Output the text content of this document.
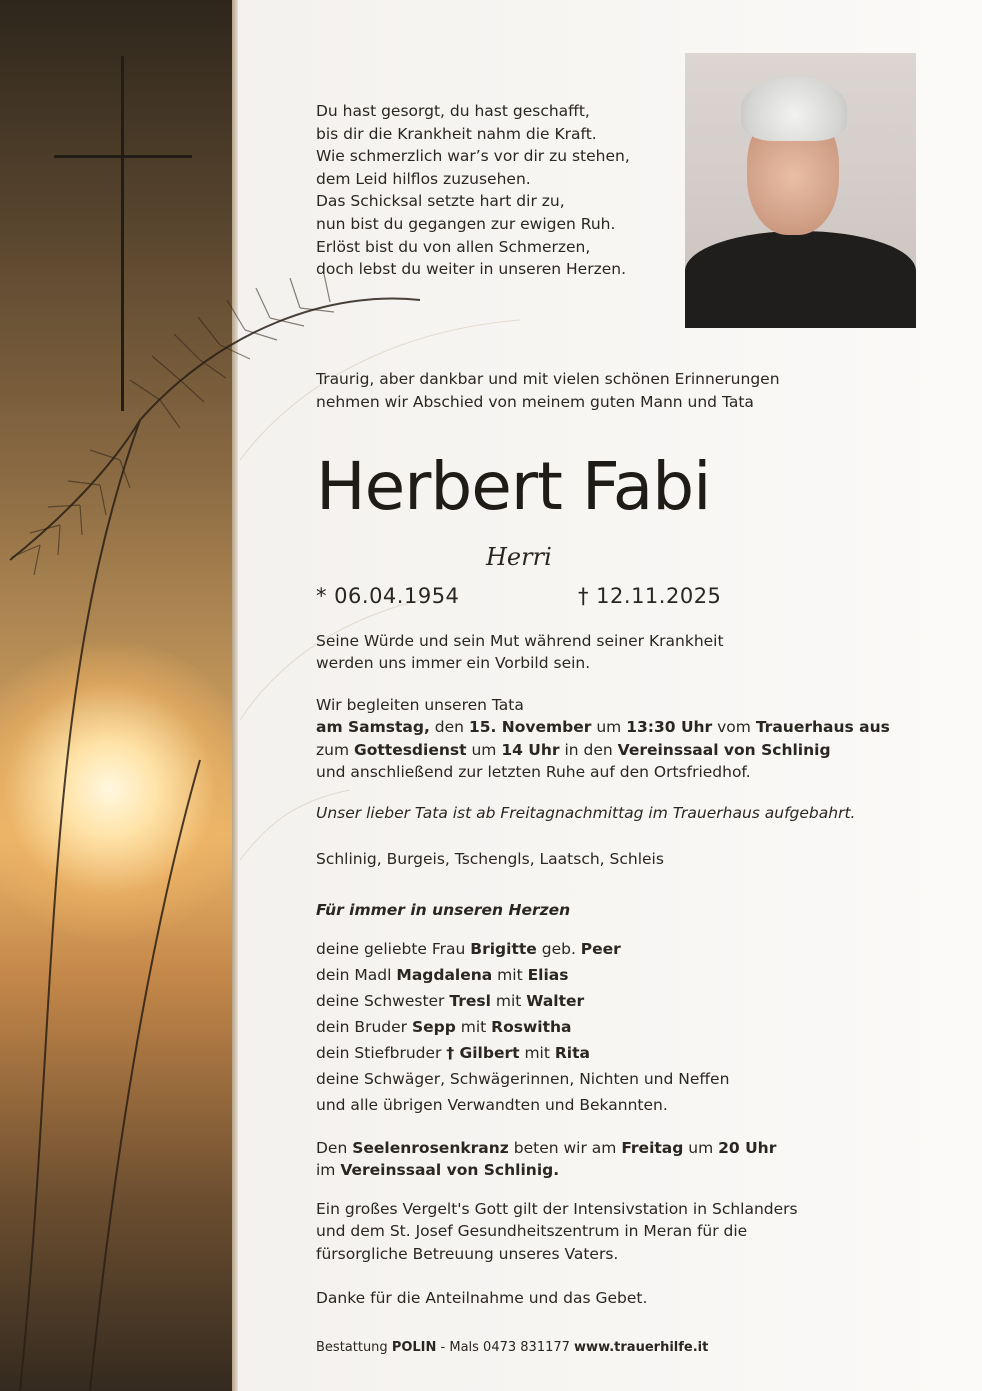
Du hast gesorgt, du hast geschafft,
bis dir die Krankheit nahm die Kraft.
Wie schmerzlich war’s vor dir zu stehen,
dem Leid hilflos zuzusehen.
Das Schicksal setzte hart dir zu,
nun bist du gegangen zur ewigen Ruh.
Erlöst bist du von allen Schmerzen,
doch lebst du weiter in unseren Herzen.
Traurig, aber dankbar und mit vielen schönen Erinnerungen
nehmen wir Abschied von meinem guten Mann und Tata
Herbert Fabi
Herri
* 06.04.1954	† 12.11.2025
Seine Würde und sein Mut während seiner Krankheit
werden uns immer ein Vorbild sein.
Wir begleiten unseren Tata
am Samstag, den 15. November um 13:30 Uhr vom Trauerhaus aus
zum Gottesdienst um 14 Uhr in den Vereinssaal von Schlinig
und anschließend zur letzten Ruhe auf den Ortsfriedhof.
Unser lieber Tata ist ab Freitagnachmittag im Trauerhaus aufgebahrt.
Schlinig, Burgeis, Tschengls, Laatsch, Schleis
Für immer in unseren Herzen
deine geliebte Frau Brigitte geb. Peer
dein Madl Magdalena mit Elias
deine Schwester Tresl mit Walter
dein Bruder Sepp mit Roswitha
dein Stiefbruder † Gilbert mit Rita
deine Schwäger, Schwägerinnen, Nichten und Neffen
und alle übrigen Verwandten und Bekannten.
Den Seelenrosenkranz beten wir am Freitag um 20 Uhr
im Vereinssaal von Schlinig.
Ein großes Vergelt's Gott gilt der Intensivstation in Schlanders
und dem St. Josef Gesundheitszentrum in Meran für die
fürsorgliche Betreuung unseres Vaters.
Danke für die Anteilnahme und das Gebet.
Bestattung POLIN - Mals 0473 831177 www.trauerhilfe.it
